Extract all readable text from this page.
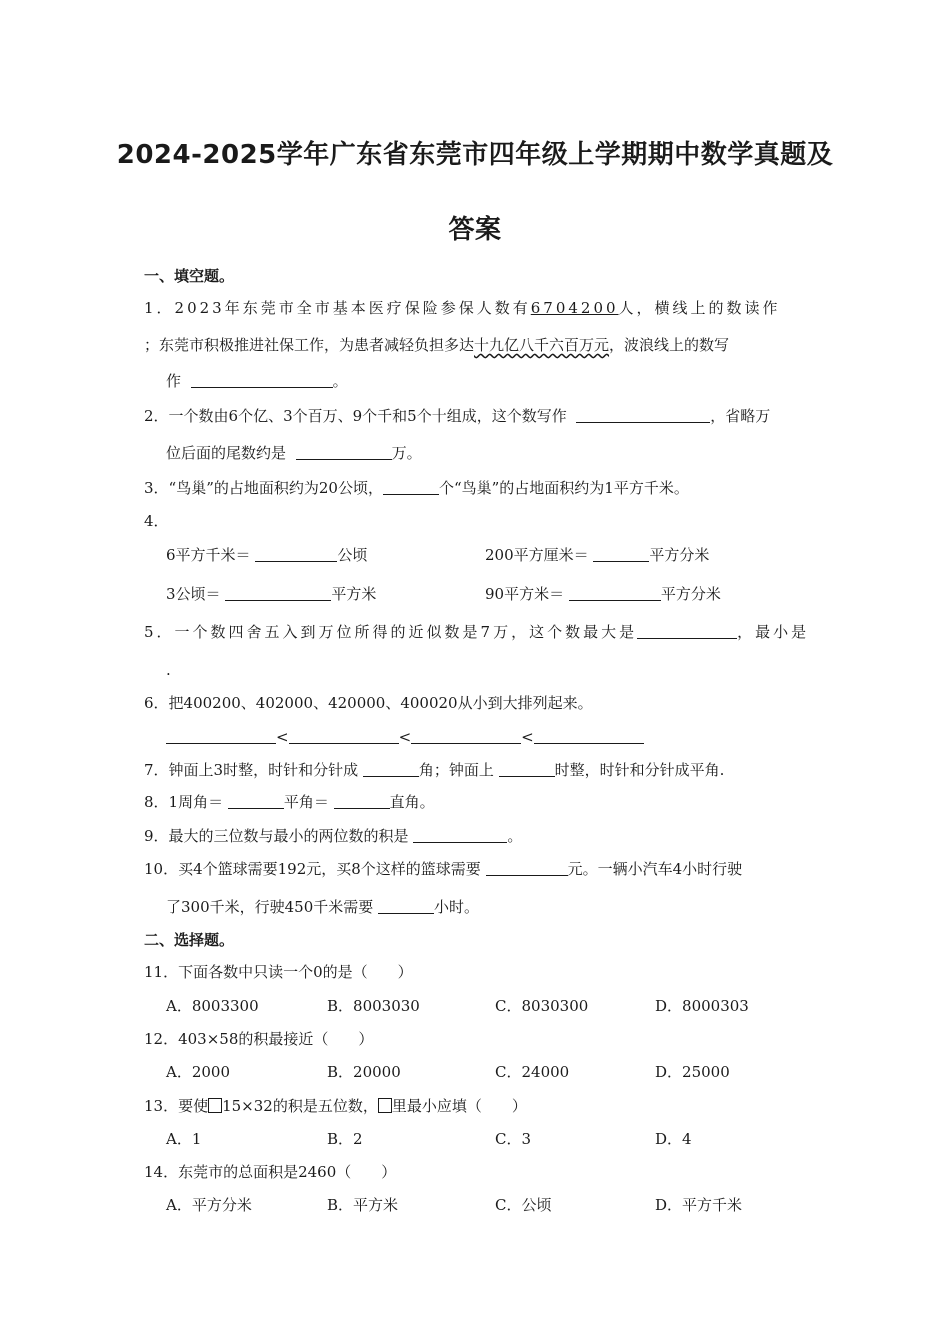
2024-2025学年广东省东莞市四年级上学期期中数学真题及
答案
一、填空题。
1．2023年东莞市全市基本医疗保险参保人数有6704200人，横线上的数读作
；东莞市积极推进社保工作，为患者减轻负担多达十九亿八千六百万元，波浪线上的数写
作	。
2．一个数由6个亿、3个百万、9个千和5个十组成，这个数写作	，省略万
位后面的尾数约是	万。
3．“鸟巢”的占地面积约为20公顷，	个“鸟巢”的占地面积约为1平方千米。
4．
6平方千米＝	公顷	200平方厘米＝	平方分米
3公顷＝	平方米	90平方米＝	平方分米
5．一个数四舍五入到万位所得的近似数是7万，这个数最大是	，最小是
.
6．把400200、402000、420000、400020从小到大排列起来。
<	<	<
7．钟面上3时整，时针和分针成	角；钟面上	时整，时针和分针成平角.
8．1周角＝	平角＝	直角。
9．最大的三位数与最小的两位数的积是	。
10．买4个篮球需要192元，买8个这样的篮球需要	元。一辆小汽车4小时行驶
了300千米，行驶450千米需要	小时。
二、选择题。
11．下面各数中只读一个0的是（　　）
A．8003300	B．8003030	C．8030300	D．8000303
12．403×58的积最接近（　　）
A．2000	B．20000	C．24000	D．25000
13．要使 15×32的积是五位数， 里最小应填（　　）
A．1	B．2	C．3	D．4
14．东莞市的总面积是2460（　　）
A．平方分米	B．平方米	C．公顷	D．平方千米
